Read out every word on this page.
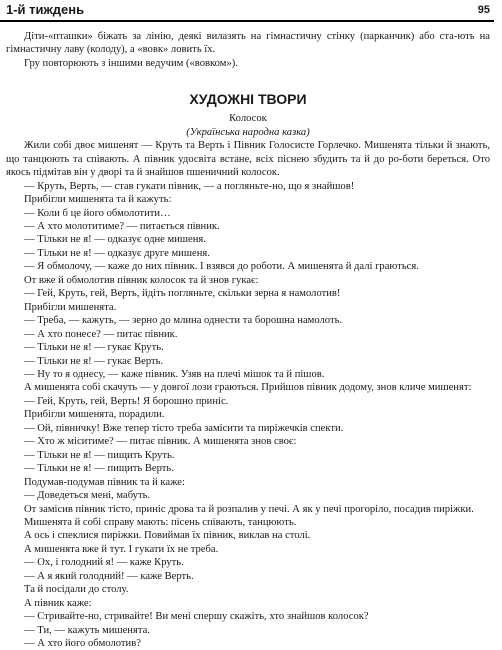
1-й тиждень	95

Діти-«пташки» біжать за лінію, деякі вилазять на гімнастичну стінку (парканчик) або ста-ють на гімнастичну лаву (колоду), а «вовк» ловить їх.

Гру повторюють з іншими ведучим («вовком»).

ХУДОЖНІ ТВОРИ

Колосок

(Українська народна казка)

Жили собі двоє мишенят — Круть та Верть і Півник Голосисте Горлечко. Мишенята тільки й знають, що танцюють та співають. А півник удосвіта встане, всіх піснею збудить та й до ро-боти береться. Ото якось підмітав він у дворі та й знайшов пшеничний колосок.

— Круть, Верть, — став гукати півник, — а погляньте-но, що я знайшов!

Прибігли мишенята та й кажуть:

— Коли б це його обмолотити…

— А хто молотитиме? — питається півник.

— Тільки не я! — одказує одне мишеня.

— Тільки не я! — одказує друге мишеня.

— Я обмолочу, — каже до них півник. І взявся до роботи. А мишенята й далі граються.

От вже й обмолотив півник колосок та й знов гукає:

— Гей, Круть, гей, Верть, йдіть погляньте, скільки зерна я намолотив!

Прибігли мишенята.

— Треба, — кажуть, — зерно до млина однести та борошна намолоть.

— А хто понесе? — питає півник.

— Тільки не я! — гукає Круть.

— Тільки не я! — гукає Верть.

— Ну то я однесу, — каже півник. Узяв на плечі мішок та й пішов.

А мишенята собі скачуть — у довгої лози граються. Прийшов півник додому, знов кличе мишенят:

— Гей, Круть, гей, Верть! Я борошно приніс.

Прибігли мишенята, порадили.

— Ой, півничку! Вже тепер тісто треба замісити та пиріжечків спекти.

— Хто ж міситиме? — питає півник. А мишенята знов своє:

— Тільки не я! — пищить Круть.

— Тільки не я! — пищить Верть.

Подумав-подумав півник та й каже:

— Доведеться мені, мабуть.

От замісив півник тісто, приніс дрова та й розпалив у печі. А як у печі прогоріло, посадив пиріжки.

Мишенята й собі справу мають: пісень співають, танцюють.

А ось і спеклися пиріжки. Повиймав їх півник, виклав на столі.

А мишенята вже й тут. І гукати їх не треба.

— Ох, і голодний я! — каже Круть.

— А я який голодний! — каже Верть.

Та й посідали до столу.

А півник каже:

— Стривайте-но, стривайте! Ви мені спершу скажіть, хто знайшов колосок?

— Ти, — кажуть мишенята.

— А хто його обмолотив?
